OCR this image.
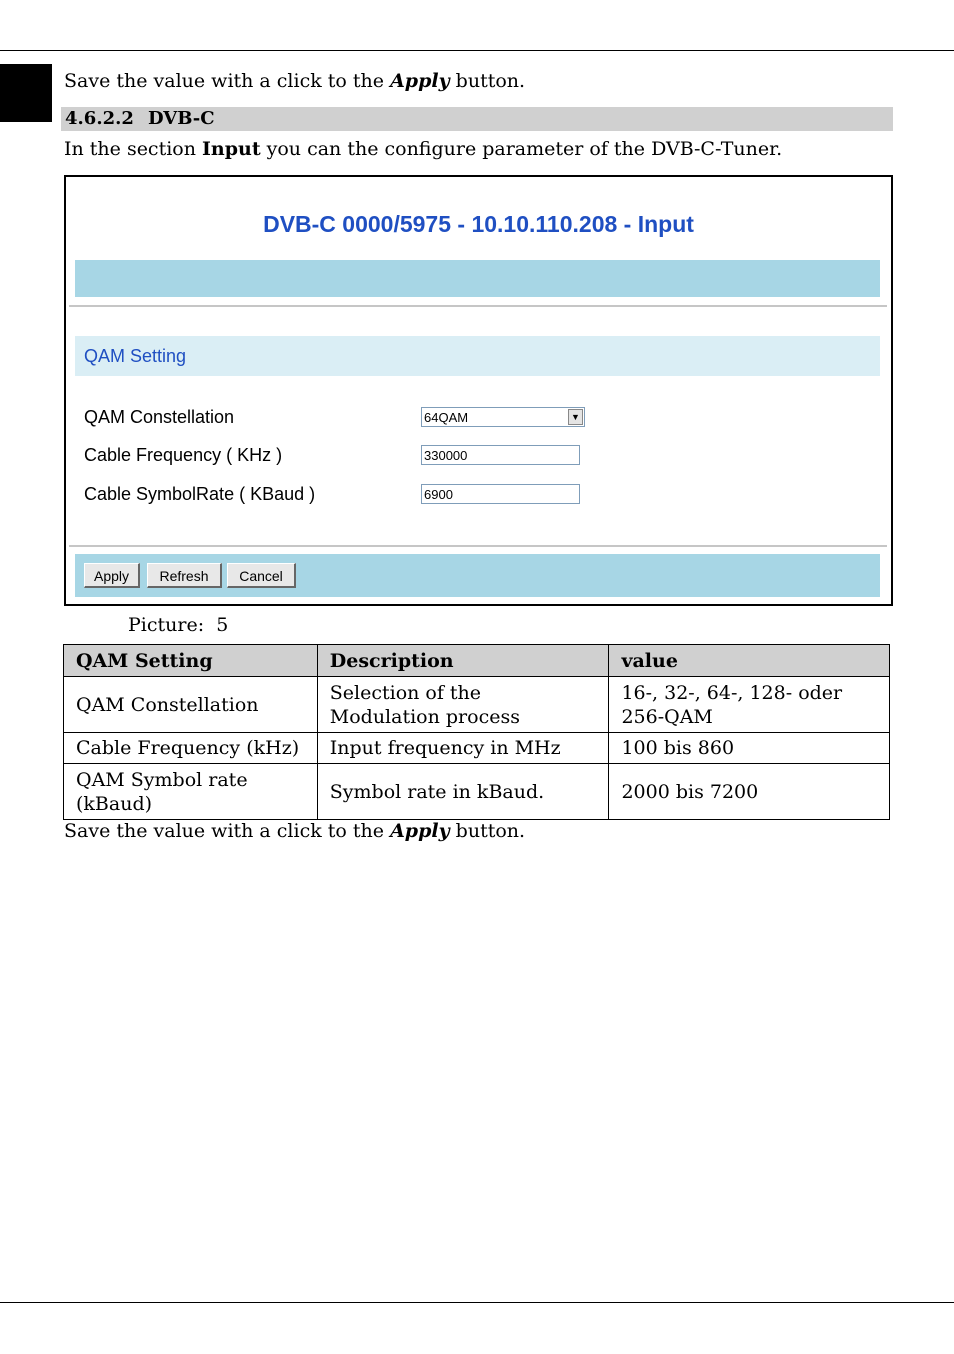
Save the value with a click to the Apply button.
4.6.2.2 DVB-C
In the section Input you can the configure parameter of the DVB-C-Tuner.
DVB-C 0000/5975 - 10.10.110.208 - Input
QAM Setting
QAM Constellation	64QAM	▼
Cable Frequency ( KHz )	330000
Cable SymbolRate ( KBaud )	6900
Apply	Refresh	Cancel
Picture: 5
QAM Setting	Description	value
QAM Constellation	Selection of the Modulation process	16-, 32-, 64-, 128- oder 256-QAM
Cable Frequency (kHz)	Input frequency in MHz	100 bis 860
QAM Symbol rate (kBaud)	Symbol rate in kBaud.	2000 bis 7200
Save the value with a click to the Apply button.
